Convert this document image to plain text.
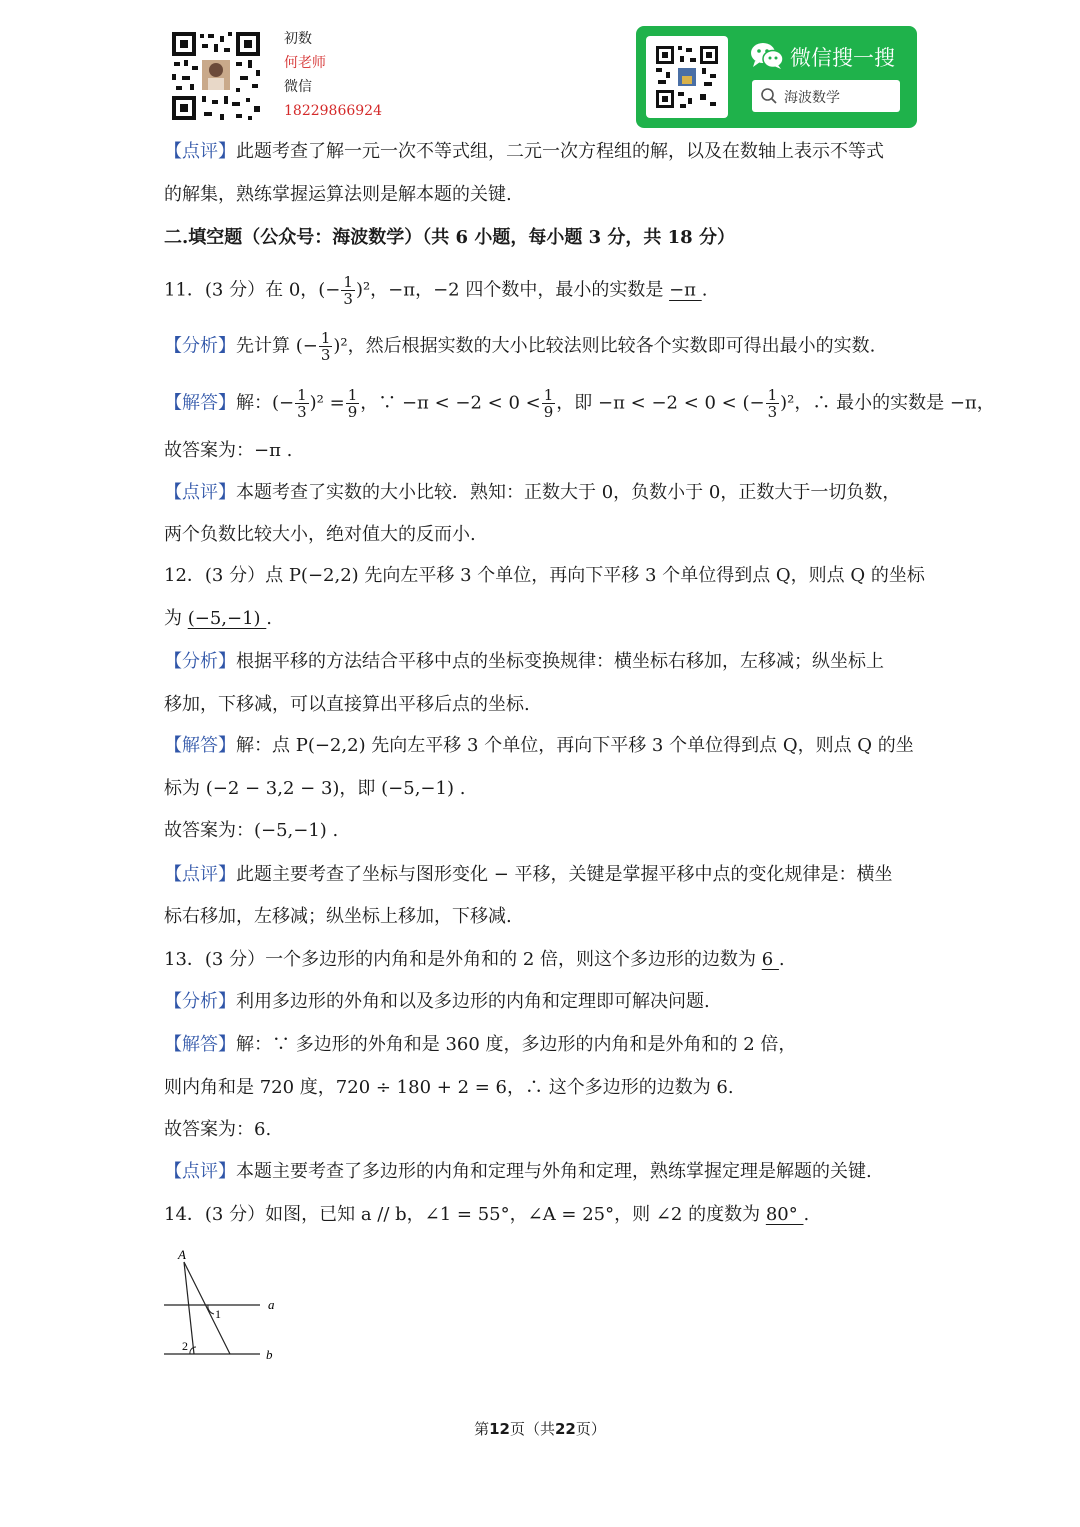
初数
何老师
微信
18229866924
微信搜一搜
海波数学
【点评】此题考查了解一元一次不等式组，二元一次方程组的解，以及在数轴上表示不等式
的解集，熟练掌握运算法则是解本题的关键.
二.填空题（公众号：海波数学）（共 6 小题，每小题 3 分，共 18 分）
11．(3 分）在 0，(− $\frac{1}{3} )^2$，−π，−2 四个数中，最小的实数是 −π .
【分析】先计算 (− $\frac{1}{3} )^2$，然后根据实数的大小比较法则比较各个实数即可得出最小的实数.
【解答】解：(− $\frac{1}{3} )^2 = \frac{1}{9}$ ，∵ $-\pi < -2 < 0 < \frac{1}{9}$ ，即 −π < −2 < 0 < (− $\frac{1}{3} )^2$，∴ 最小的实数是 −π，
故答案为：−π .
【点评】本题考查了实数的大小比较．熟知：正数大于 0，负数小于 0，正数大于一切负数，
两个负数比较大小，绝对值大的反而小.
12．(3 分）点 P(−2,2) 先向左平移 3 个单位，再向下平移 3 个单位得到点 Q，则点 Q 的坐标
为 (−5,−1) .
【分析】根据平移的方法结合平移中点的坐标变换规律：横坐标右移加，左移减；纵坐标上
移加，下移减，可以直接算出平移后点的坐标.
【解答】解：点 P(−2,2) 先向左平移 3 个单位，再向下平移 3 个单位得到点 Q，则点 Q 的坐
标为 (−2 − 3,2 − 3)，即 (−5,−1) .
故答案为：(−5,−1) .
【点评】此题主要考查了坐标与图形变化 − 平移，关键是掌握平移中点的变化规律是：横坐
标右移加，左移减；纵坐标上移加，下移减.
13．(3 分）一个多边形的内角和是外角和的 2 倍，则这个多边形的边数为 6 .
【分析】利用多边形的外角和以及多边形的内角和定理即可解决问题.
【解答】解：∵ 多边形的外角和是 360 度，多边形的内角和是外角和的 2 倍，
则内角和是 720 度，720 ÷ 180 + 2 = 6，∴ 这个多边形的边数为 6.
故答案为：6.
【点评】本题主要考查了多边形的内角和定理与外角和定理，熟练掌握定理是解题的关键.
14．(3 分）如图，已知 a // b，∠1 = 55°，∠A = 25°，则 ∠2 的度数为 80° .
A
a
b
1
2
第12页（共22页）
